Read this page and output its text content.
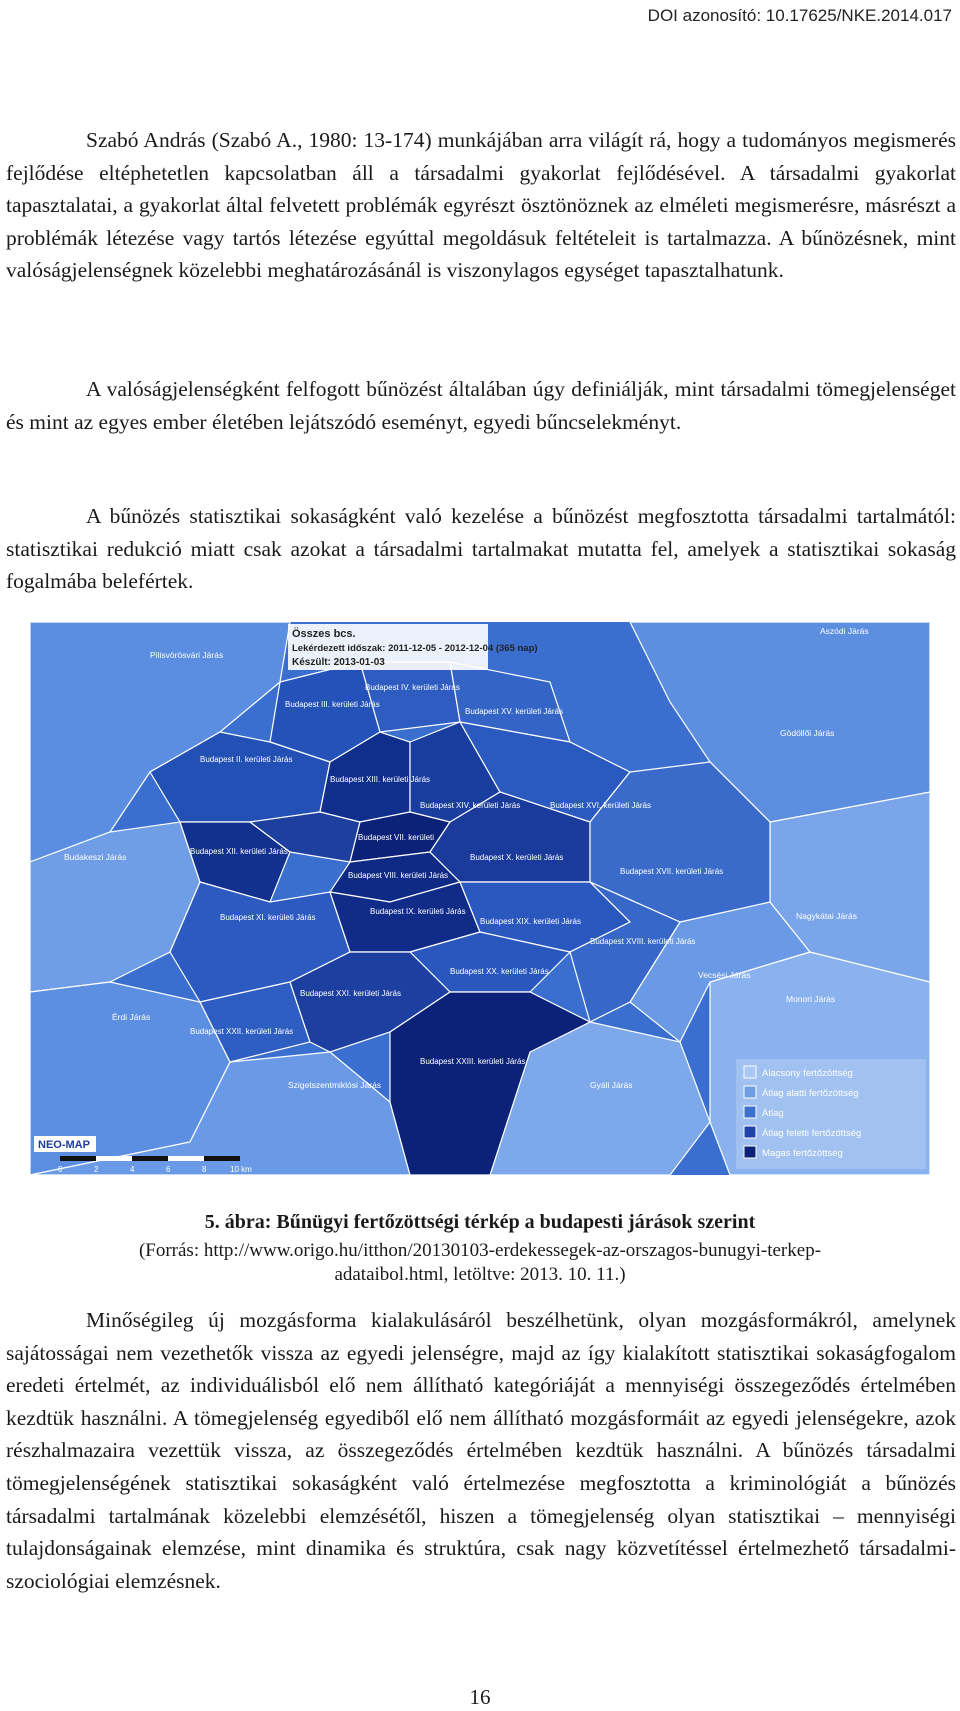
DOI azonosító: 10.17625/NKE.2014.017

Szabó András (Szabó A., 1980: 13-174) munkájában arra világít rá, hogy a tudományos megismerés fejlődése eltéphetetlen kapcsolatban áll a társadalmi gyakorlat fejlődésével. A társadalmi gyakorlat tapasztalatai, a gyakorlat által felvetett problémák egyrészt ösztönöznek az elméleti megismerésre, másrészt a problémák létezése vagy tartós létezése egyúttal megoldásuk feltételeit is tartalmazza. A bűnözésnek, mint valóságjelenségnek közelebbi meghatározásánál is viszonylagos egységet tapasztalhatunk.

A valóságjelenségként felfogott bűnözést általában úgy definiálják, mint társadalmi tömegjelenséget és mint az egyes ember életében lejátszódó eseményt, egyedi bűncselekményt.

A bűnözés statisztikai sokaságként való kezelése a bűnözést megfosztotta társadalmi tartalmától: statisztikai redukció miatt csak azokat a társadalmi tartalmakat mutatta fel, amelyek a statisztikai sokaság fogalmába belefértek.

Összes bcs.
Lekérdezett időszak: 2011-12-05 - 2012-12-04 (365 nap)
Készült: 2013-01-03
Pilisvörösvári Járás
Budakeszi Járás
Érdi Járás
Szigetszentmiklósi Járás	Gyáli Járás
Monori Járás
Vecsési Járás
Nagykátai Járás
Gödöllői Járás
Aszódi Járás
Budapest III. kerületi Járás
Budapest IV. kerületi Járás
Budapest XV. kerületi Járás
Budapest II. kerületi Járás
Budapest XIII. kerületi Járás
Budapest XIV. kerületi Járás	Budapest XVI. kerületi Járás
Budapest XII. kerületi Járás
Budapest VII. kerületi
Budapest VIII. kerületi Járás
Budapest X. kerületi Járás
Budapest XVII. kerületi Járás
Budapest XI. kerületi Járás
Budapest IX. kerületi Járás
Budapest XIX. kerületi Járás
Budapest XVIII. kerületi Járás
Budapest XXII. kerületi Járás
Budapest XX. kerületi Járás
Budapest XXI. kerületi Járás
Budapest XXIII. kerületi Járás
Alacsony fertőzöttség
Átlag alatti fertőzöttség
Átlag
Átlag feletti fertőzöttség
Magas fertőzöttség
NEO-MAP
0	2	4	6	8	10 km
5. ábra: Bűnügyi fertőzöttségi térkép a budapesti járások szerint
(Forrás: http://www.origo.hu/itthon/20130103-erdekessegek-az-orszagos-bunugyi-terkep-
adataibol.html, letöltve: 2013. 10. 11.)

Minőségileg új mozgásforma kialakulásáról beszélhetünk, olyan mozgásformákról, amelynek sajátosságai nem vezethetők vissza az egyedi jelenségre, majd az így kialakított statisztikai sokaságfogalom eredeti értelmét, az individuálisból elő nem állítható kategóriáját a mennyiségi összegeződés értelmében kezdtük használni. A tömegjelenség egyediből elő nem állítható mozgásformáit az egyedi jelenségekre, azok részhalmazaira vezettük vissza, az összegeződés értelmében kezdtük használni. A bűnözés társadalmi tömegjelenségének statisztikai sokaságként való értelmezése megfosztotta a kriminológiát a bűnözés társadalmi tartalmának közelebbi elemzésétől, hiszen a tömegjelenség olyan statisztikai – mennyiségi tulajdonságainak elemzése, mint dinamika és struktúra, csak nagy közvetítéssel értelmezhető társadalmi-szociológiai elemzésnek.

16
